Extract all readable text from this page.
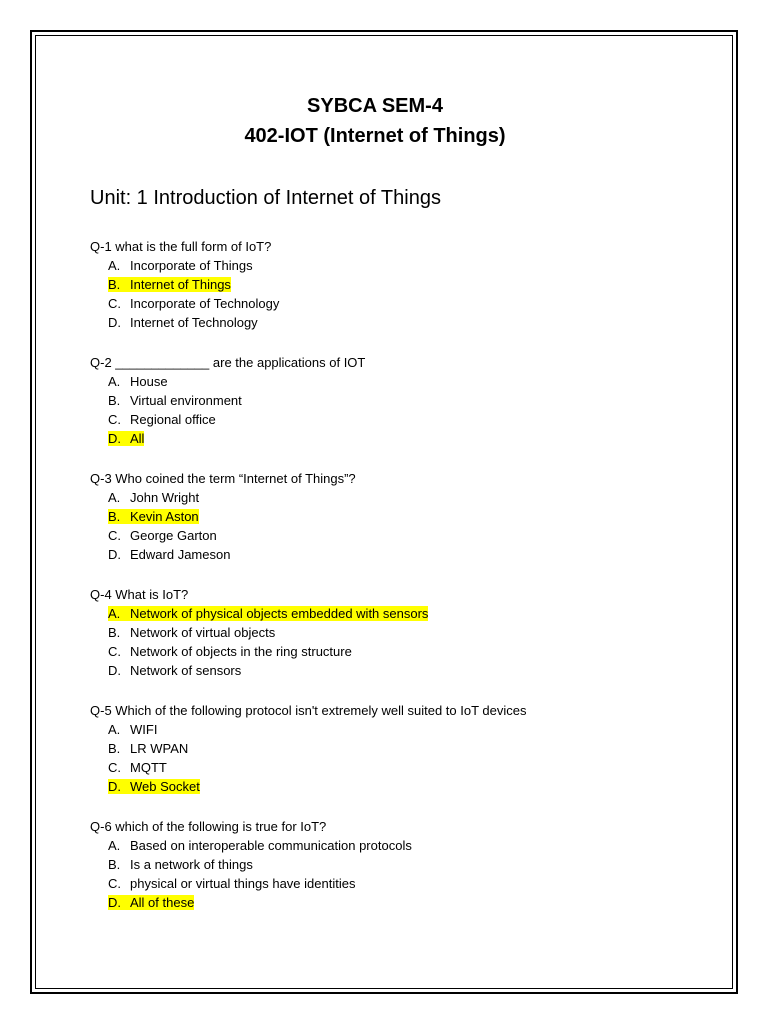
SYBCA SEM-4
402-IOT (Internet of Things)
Unit: 1 Introduction of Internet of Things
Q-1 what is the full form of IoT?
A. Incorporate of Things
B. Internet of Things
C. Incorporate of Technology
D. Internet of Technology
Q-2 _____________ are the applications of IOT
A. House
B. Virtual environment
C. Regional office
D. All
Q-3 Who coined the term “Internet of Things”?
A. John Wright
B. Kevin Aston
C. George Garton
D. Edward Jameson
Q-4 What is IoT?
A. Network of physical objects embedded with sensors
B. Network of virtual objects
C. Network of objects in the ring structure
D. Network of sensors
Q-5 Which of the following protocol isn't extremely well suited to IoT devices
A. WIFI
B. LR WPAN
C. MQTT
D. Web Socket
Q-6 which of the following is true for IoT?
A. Based on interoperable communication protocols
B. Is a network of things
C. physical or virtual things have identities
D. All of these
